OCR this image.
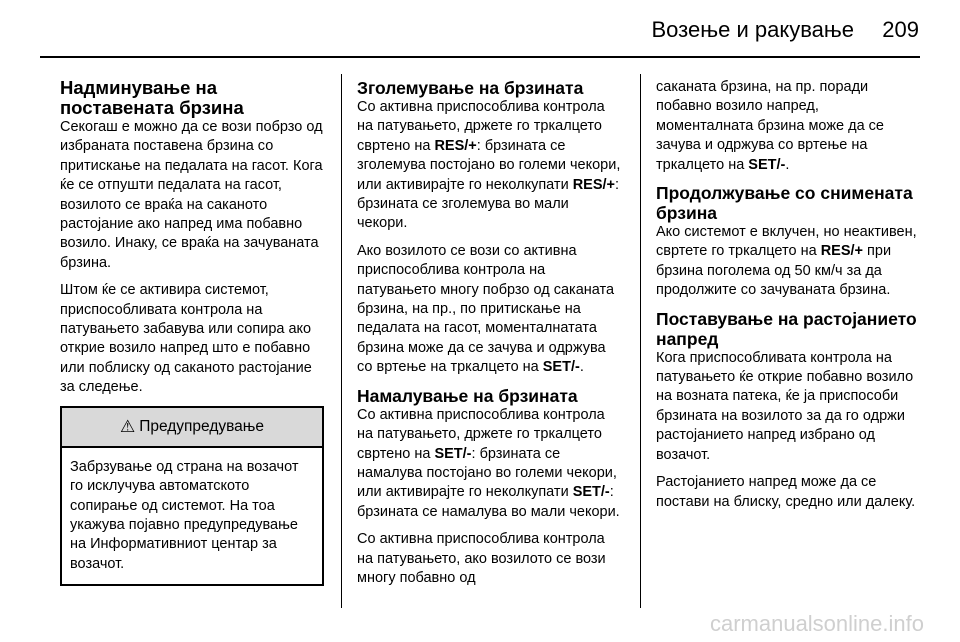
Возење и ракување 209
Надминување на поставената брзина

Секогаш е можно да се вози побрзо од избраната поставена брзина со притискање на педалата на гасот. Кога ќе се отпушти педалата на гасот, возилото се враќа на саканото растојание ако напред има побавно возило. Инаку, се враќа на зачуваната брзина.

Штом ќе се активира системот, приспособливата контрола на патувањето забавува или сопира ако открие возило напред што е побавно или поблиску од саканото растојание за следење.

⚠ Предупредување
Забрзување од страна на возачот го исклучува автоматското сопирање од системот. На тоа укажува појавно предупредување на Информативниот центар за возачот.
Зголемување на брзината

Со активна приспособлива контрола на патувањето, држете го тркалцето свртено на RES/+: брзината се зголемува постојано во големи чекори, или активирајте го неколкупати RES/+: брзината се зголемува во мали чекори.

Ако возилото се вози со активна приспособлива контрола на патувањето многу побрзо од саканата брзина, на пр., по притискање на педалата на гасот, моменталнатата брзина може да се зачува и одржува со вртење на тркалцето на SET/-.

Намалување на брзината

Со активна приспособлива контрола на патувањето, држете го тркалцето свртено на SET/-: брзината се намалува постојано во големи чекори, или активирајте го неколкупати SET/-: брзината се намалува во мали чекори.

Со активна приспособлива контрола на патувањето, ако возилото се вози многу побавно од

саканата брзина, на пр. поради побавно возило напред, моменталната брзина може да се зачува и одржува со вртење на тркалцето на SET/-.

Продолжување со снимената брзина

Ако системот е вклучен, но неактивен, свртете го тркалцето на RES/+ при брзина поголема од 50 км/ч за да продолжите со зачуваната брзина.

Поставување на растојанието напред

Кога приспособливата контрола на патувањето ќе открие побавно возило на возната патека, ќе ја приспособи брзината на возилото за да го одржи растојанието напред избрано од возачот.

Растојанието напред може да се постави на блиску, средно или далеку.

carmanualsonline.info
